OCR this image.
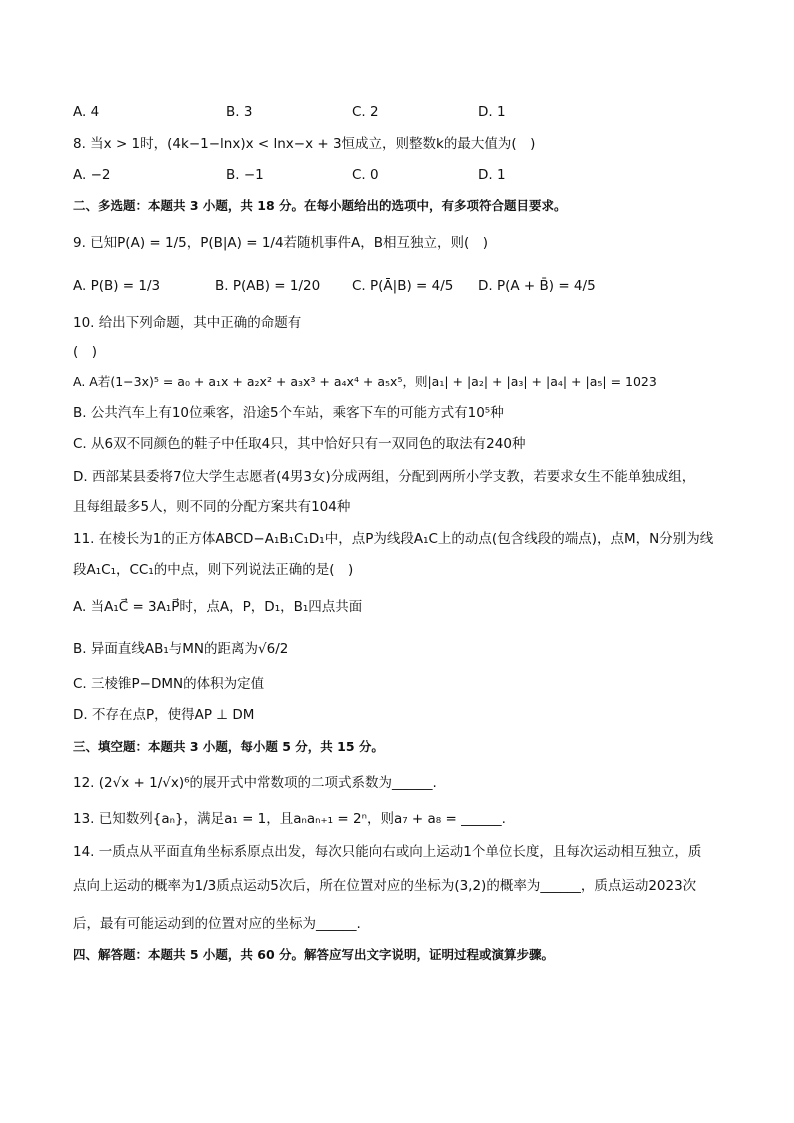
A. 4	B. 3	C. 2	D. 1
8. 当x > 1时，(4k−1−lnx)x < lnx−x + 3恒成立，则整数k的最大值为(　)
A. −2	B. −1	C. 0	D. 1
二、多选题：本题共 3 小题，共 18 分。在每小题给出的选项中，有多项符合题目要求。
9. 已知P(A) = 1/5，P(B|A) = 1/4若随机事件A，B相互独立，则(　)
A. P(B) = 1/3	B. P(AB) = 1/20 C. P(Ā|B) = 4/5 D. P(A + B̄) = 4/5
10. 给出下列命题，其中正确的命题有
(　)
A. A若(1−3x)⁵ = a₀ + a₁x + a₂x² + a₃x³ + a₄x⁴ + a₅x⁵，则|a₁| + |a₂| + |a₃| + |a₄| + |a₅| = 1023
B. 公共汽车上有10位乘客，沿途5个车站，乘客下车的可能方式有10⁵种
C. 从6双不同颜色的鞋子中任取4只，其中恰好只有一双同色的取法有240种
D. 西部某县委将7位大学生志愿者(4男3女)分成两组，分配到两所小学支教，若要求女生不能单独成组，
且每组最多5人，则不同的分配方案共有104种
11. 在棱长为1的正方体ABCD−A₁B₁C₁D₁中，点P为线段A₁C上的动点(包含线段的端点)，点M，N分别为线
段A₁C₁，CC₁的中点，则下列说法正确的是(　)
A. 当A₁C⃗ = 3A₁P⃗时，点A，P，D₁，B₁四点共面
B. 异面直线AB₁与MN的距离为√6/2
C. 三棱锥P−DMN的体积为定值
D. 不存在点P，使得AP ⊥ DM
三、填空题：本题共 3 小题，每小题 5 分，共 15 分。
12. (2√x + 1/√x)⁶的展开式中常数项的二项式系数为______.
13. 已知数列{aₙ}，满足a₁ = 1，且aₙaₙ₊₁ = 2ⁿ，则a₇ + a₈ = ______.
14. 一质点从平面直角坐标系原点出发，每次只能向右或向上运动1个单位长度，且每次运动相互独立，质
点向上运动的概率为1/3质点运动5次后，所在位置对应的坐标为(3,2)的概率为______，质点运动2023次
后，最有可能运动到的位置对应的坐标为______.
四、解答题：本题共 5 小题，共 60 分。解答应写出文字说明，证明过程或演算步骤。
